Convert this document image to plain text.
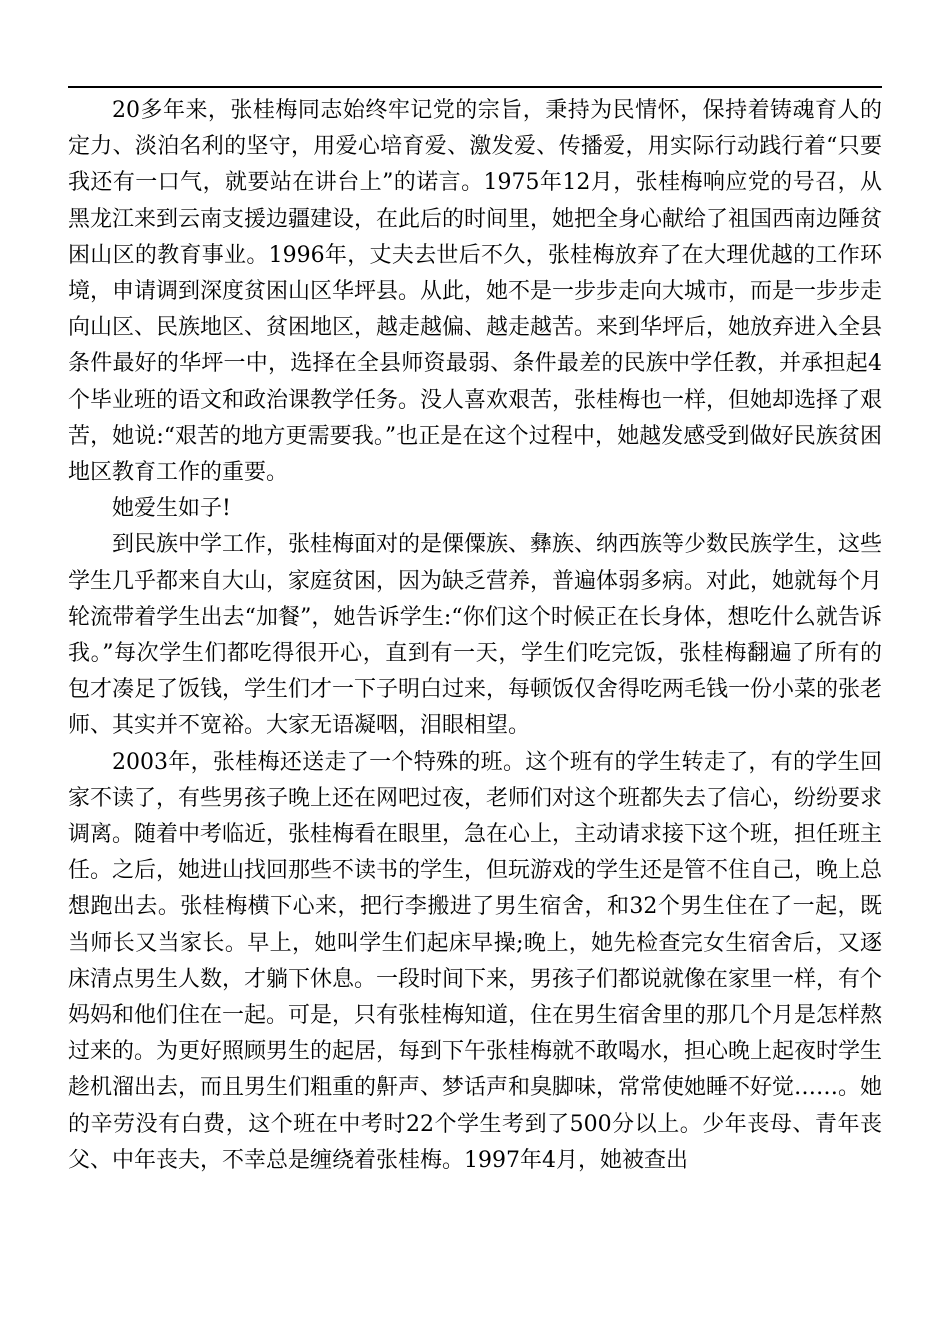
20多年来，张桂梅同志始终牢记党的宗旨，秉持为民情怀，保持着铸魂育人的定力、淡泊名利的坚守，用爱心培育爱、激发爱、传播爱，用实际行动践行着“只要我还有一口气，就要站在讲台上”的诺言。1975年12月，张桂梅响应党的号召，从黑龙江来到云南支援边疆建设，在此后的时间里，她把全身心献给了祖国西南边陲贫困山区的教育事业。1996年，丈夫去世后不久，张桂梅放弃了在大理优越的工作环境，申请调到深度贫困山区华坪县。从此，她不是一步步走向大城市，而是一步步走向山区、民族地区、贫困地区，越走越偏、越走越苦。来到华坪后，她放弃进入全县条件最好的华坪一中，选择在全县师资最弱、条件最差的民族中学任教，并承担起4个毕业班的语文和政治课教学任务。没人喜欢艰苦，张桂梅也一样，但她却选择了艰苦，她说:“艰苦的地方更需要我。”也正是在这个过程中，她越发感受到做好民族贫困地区教育工作的重要。

她爱生如子!

到民族中学工作，张桂梅面对的是傈僳族、彝族、纳西族等少数民族学生，这些学生几乎都来自大山，家庭贫困，因为缺乏营养，普遍体弱多病。对此，她就每个月轮流带着学生出去“加餐”，她告诉学生:“你们这个时候正在长身体，想吃什么就告诉我。”每次学生们都吃得很开心，直到有一天，学生们吃完饭，张桂梅翻遍了所有的包才凑足了饭钱，学生们才一下子明白过来，每顿饭仅舍得吃两毛钱一份小菜的张老师、其实并不宽裕。大家无语凝咽，泪眼相望。

2003年，张桂梅还送走了一个特殊的班。这个班有的学生转走了，有的学生回家不读了，有些男孩子晚上还在网吧过夜，老师们对这个班都失去了信心，纷纷要求调离。随着中考临近，张桂梅看在眼里，急在心上，主动请求接下这个班，担任班主任。之后，她进山找回那些不读书的学生，但玩游戏的学生还是管不住自己，晚上总想跑出去。张桂梅横下心来，把行李搬进了男生宿舍，和32个男生住在了一起，既当师长又当家长。早上，她叫学生们起床早操;晚上，她先检查完女生宿舍后，又逐床清点男生人数，才躺下休息。一段时间下来，男孩子们都说就像在家里一样，有个妈妈和他们住在一起。可是，只有张桂梅知道，住在男生宿舍里的那几个月是怎样熬过来的。为更好照顾男生的起居，每到下午张桂梅就不敢喝水，担心晚上起夜时学生趁机溜出去，而且男生们粗重的鼾声、梦话声和臭脚味，常常使她睡不好觉……。她的辛劳没有白费，这个班在中考时22个学生考到了500分以上。少年丧母、青年丧父、中年丧夫，不幸总是缠绕着张桂梅。1997年4月，她被查出
